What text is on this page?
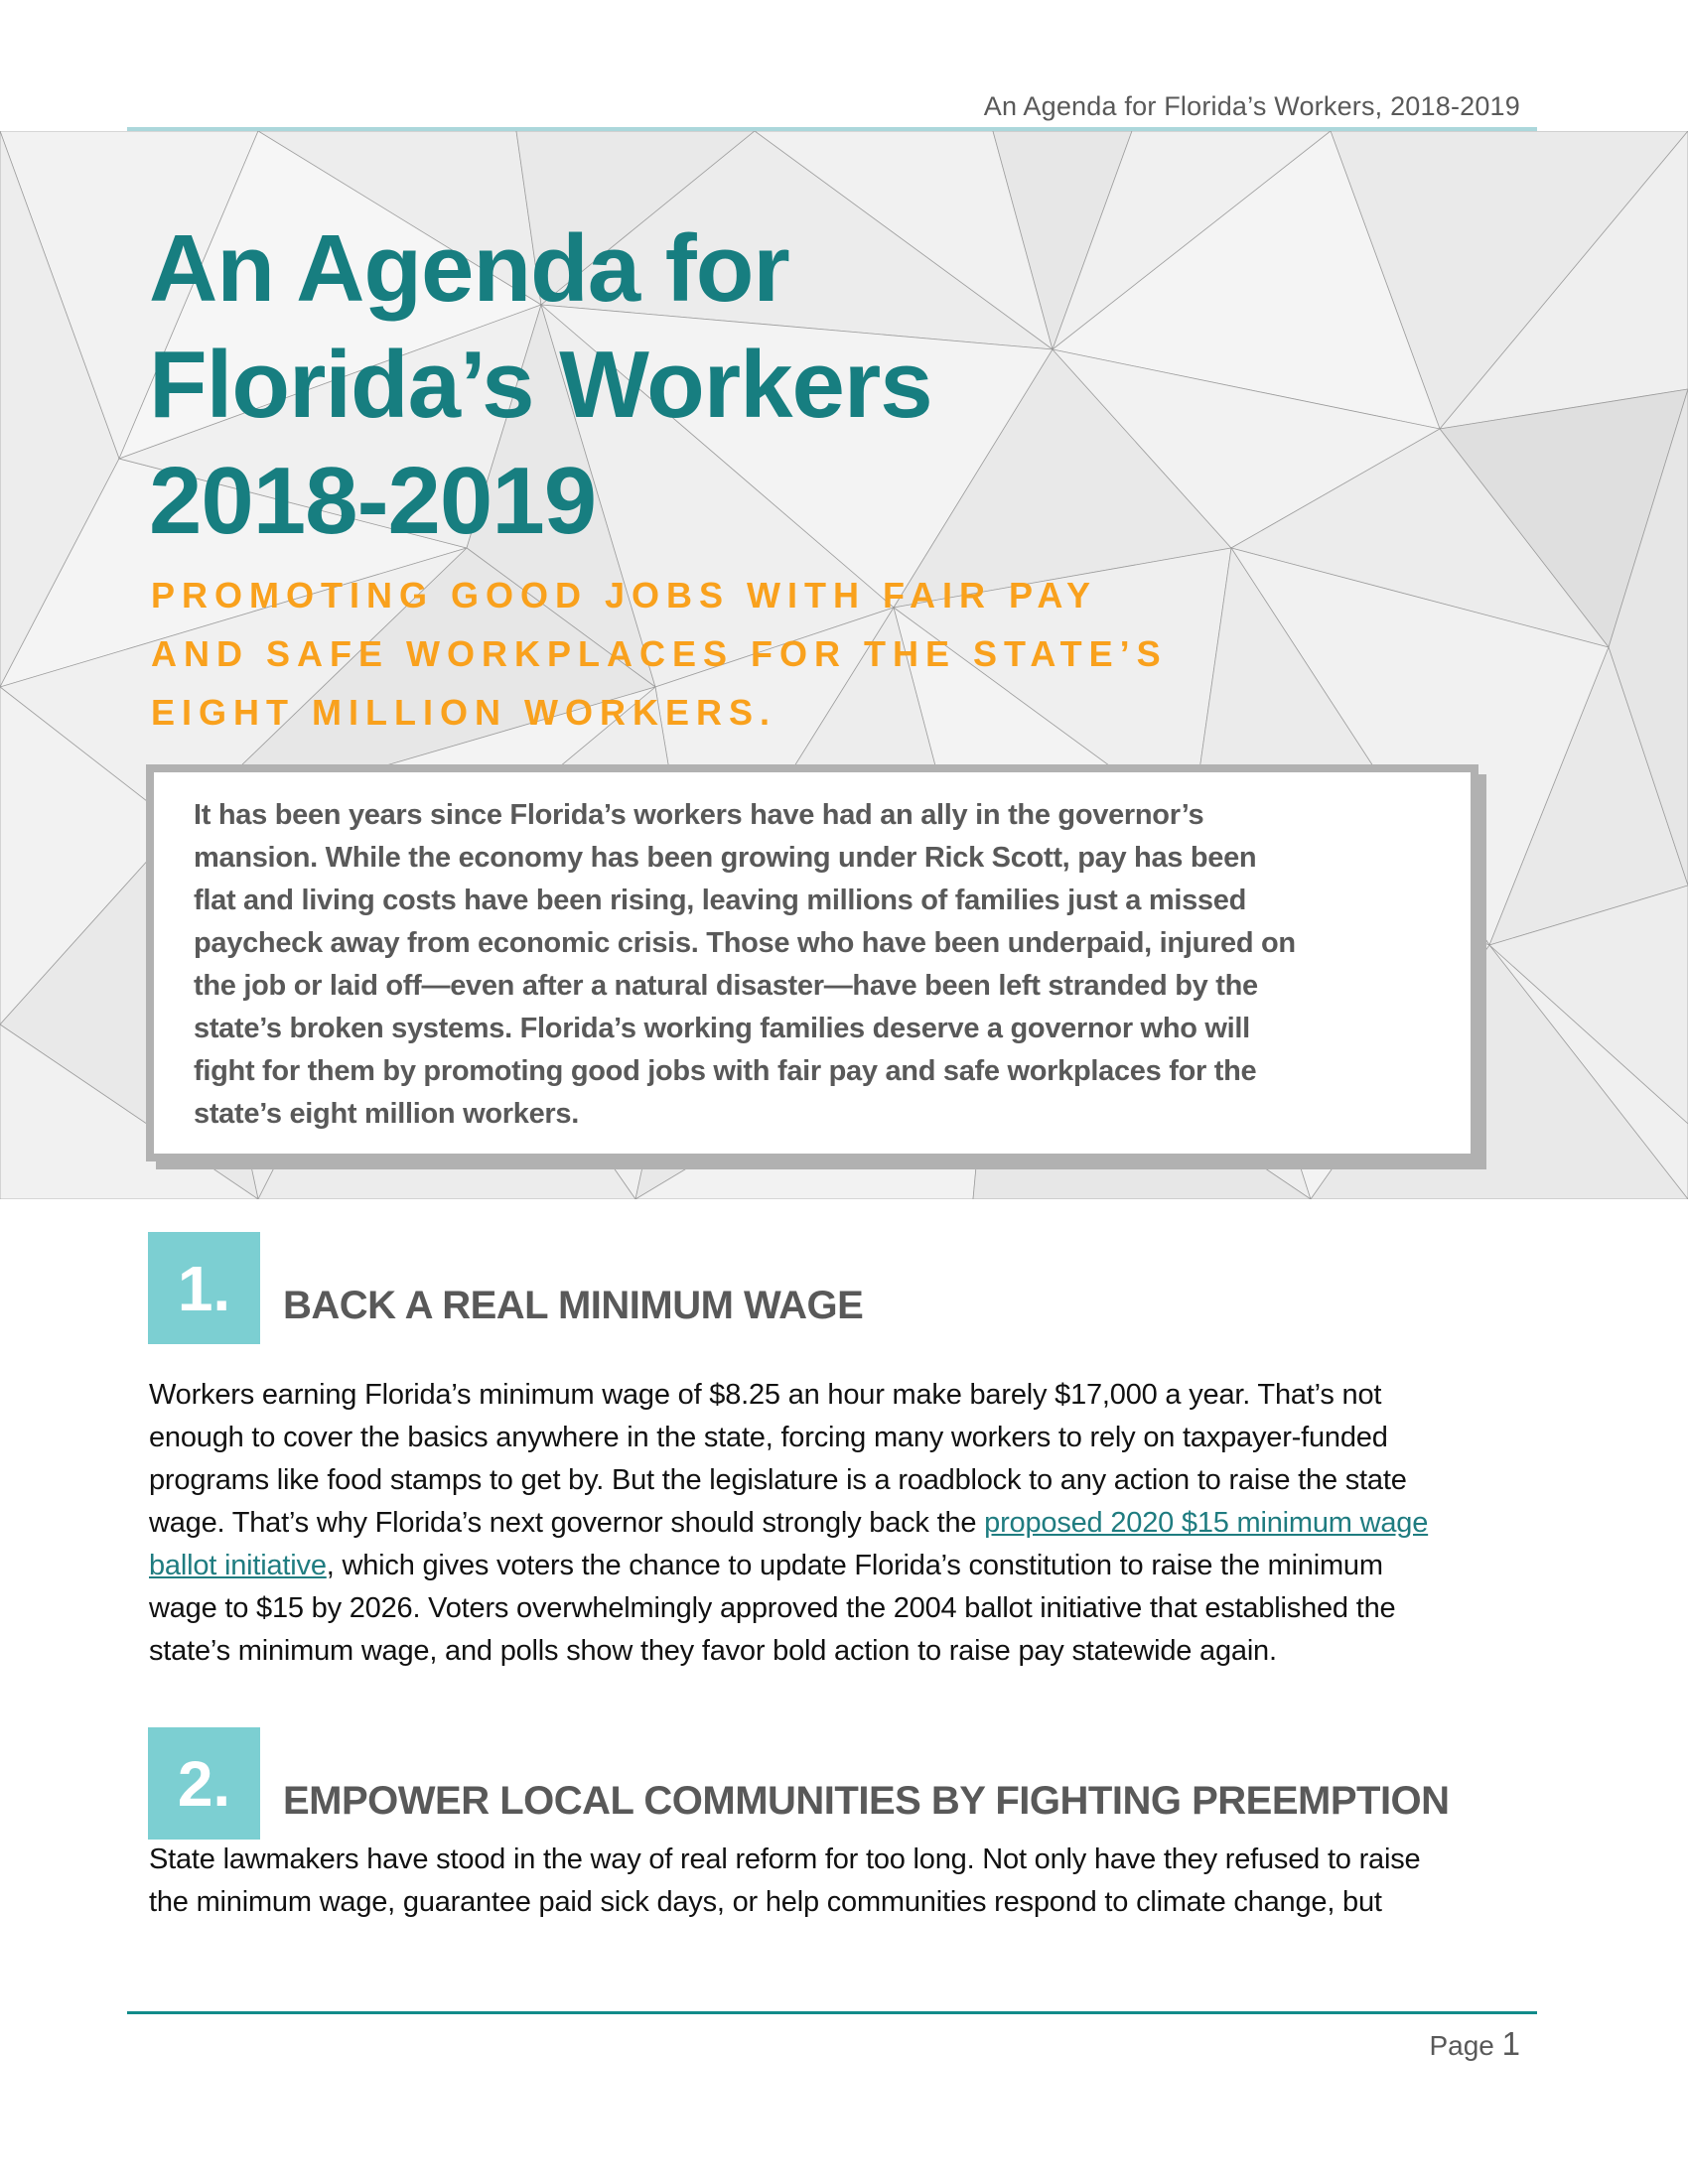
An Agenda for Florida’s Workers, 2018-2019
An Agenda for
Florida’s Workers
2018-2019
PROMOTING GOOD JOBS WITH FAIR PAY
AND SAFE WORKPLACES FOR THE STATE’S
EIGHT MILLION WORKERS.
It has been years since Florida’s workers have had an ally in the governor’s
mansion. While the economy has been growing under Rick Scott, pay has been
flat and living costs have been rising, leaving millions of families just a missed
paycheck away from economic crisis. Those who have been underpaid, injured on
the job or laid off—even after a natural disaster—have been left stranded by the
state’s broken systems. Florida’s working families deserve a governor who will
fight for them by promoting good jobs with fair pay and safe workplaces for the
state’s eight million workers.
1. BACK A REAL MINIMUM WAGE
Workers earning Florida’s minimum wage of $8.25 an hour make barely $17,000 a year. That’s not
enough to cover the basics anywhere in the state, forcing many workers to rely on taxpayer-funded
programs like food stamps to get by. But the legislature is a roadblock to any action to raise the state
wage. That’s why Florida’s next governor should strongly back the proposed 2020 $15 minimum wage
ballot initiative, which gives voters the chance to update Florida’s constitution to raise the minimum
wage to $15 by 2026. Voters overwhelmingly approved the 2004 ballot initiative that established the
state’s minimum wage, and polls show they favor bold action to raise pay statewide again.
2. EMPOWER LOCAL COMMUNITIES BY FIGHTING PREEMPTION
State lawmakers have stood in the way of real reform for too long. Not only have they refused to raise
the minimum wage, guarantee paid sick days, or help communities respond to climate change, but
Page 1
